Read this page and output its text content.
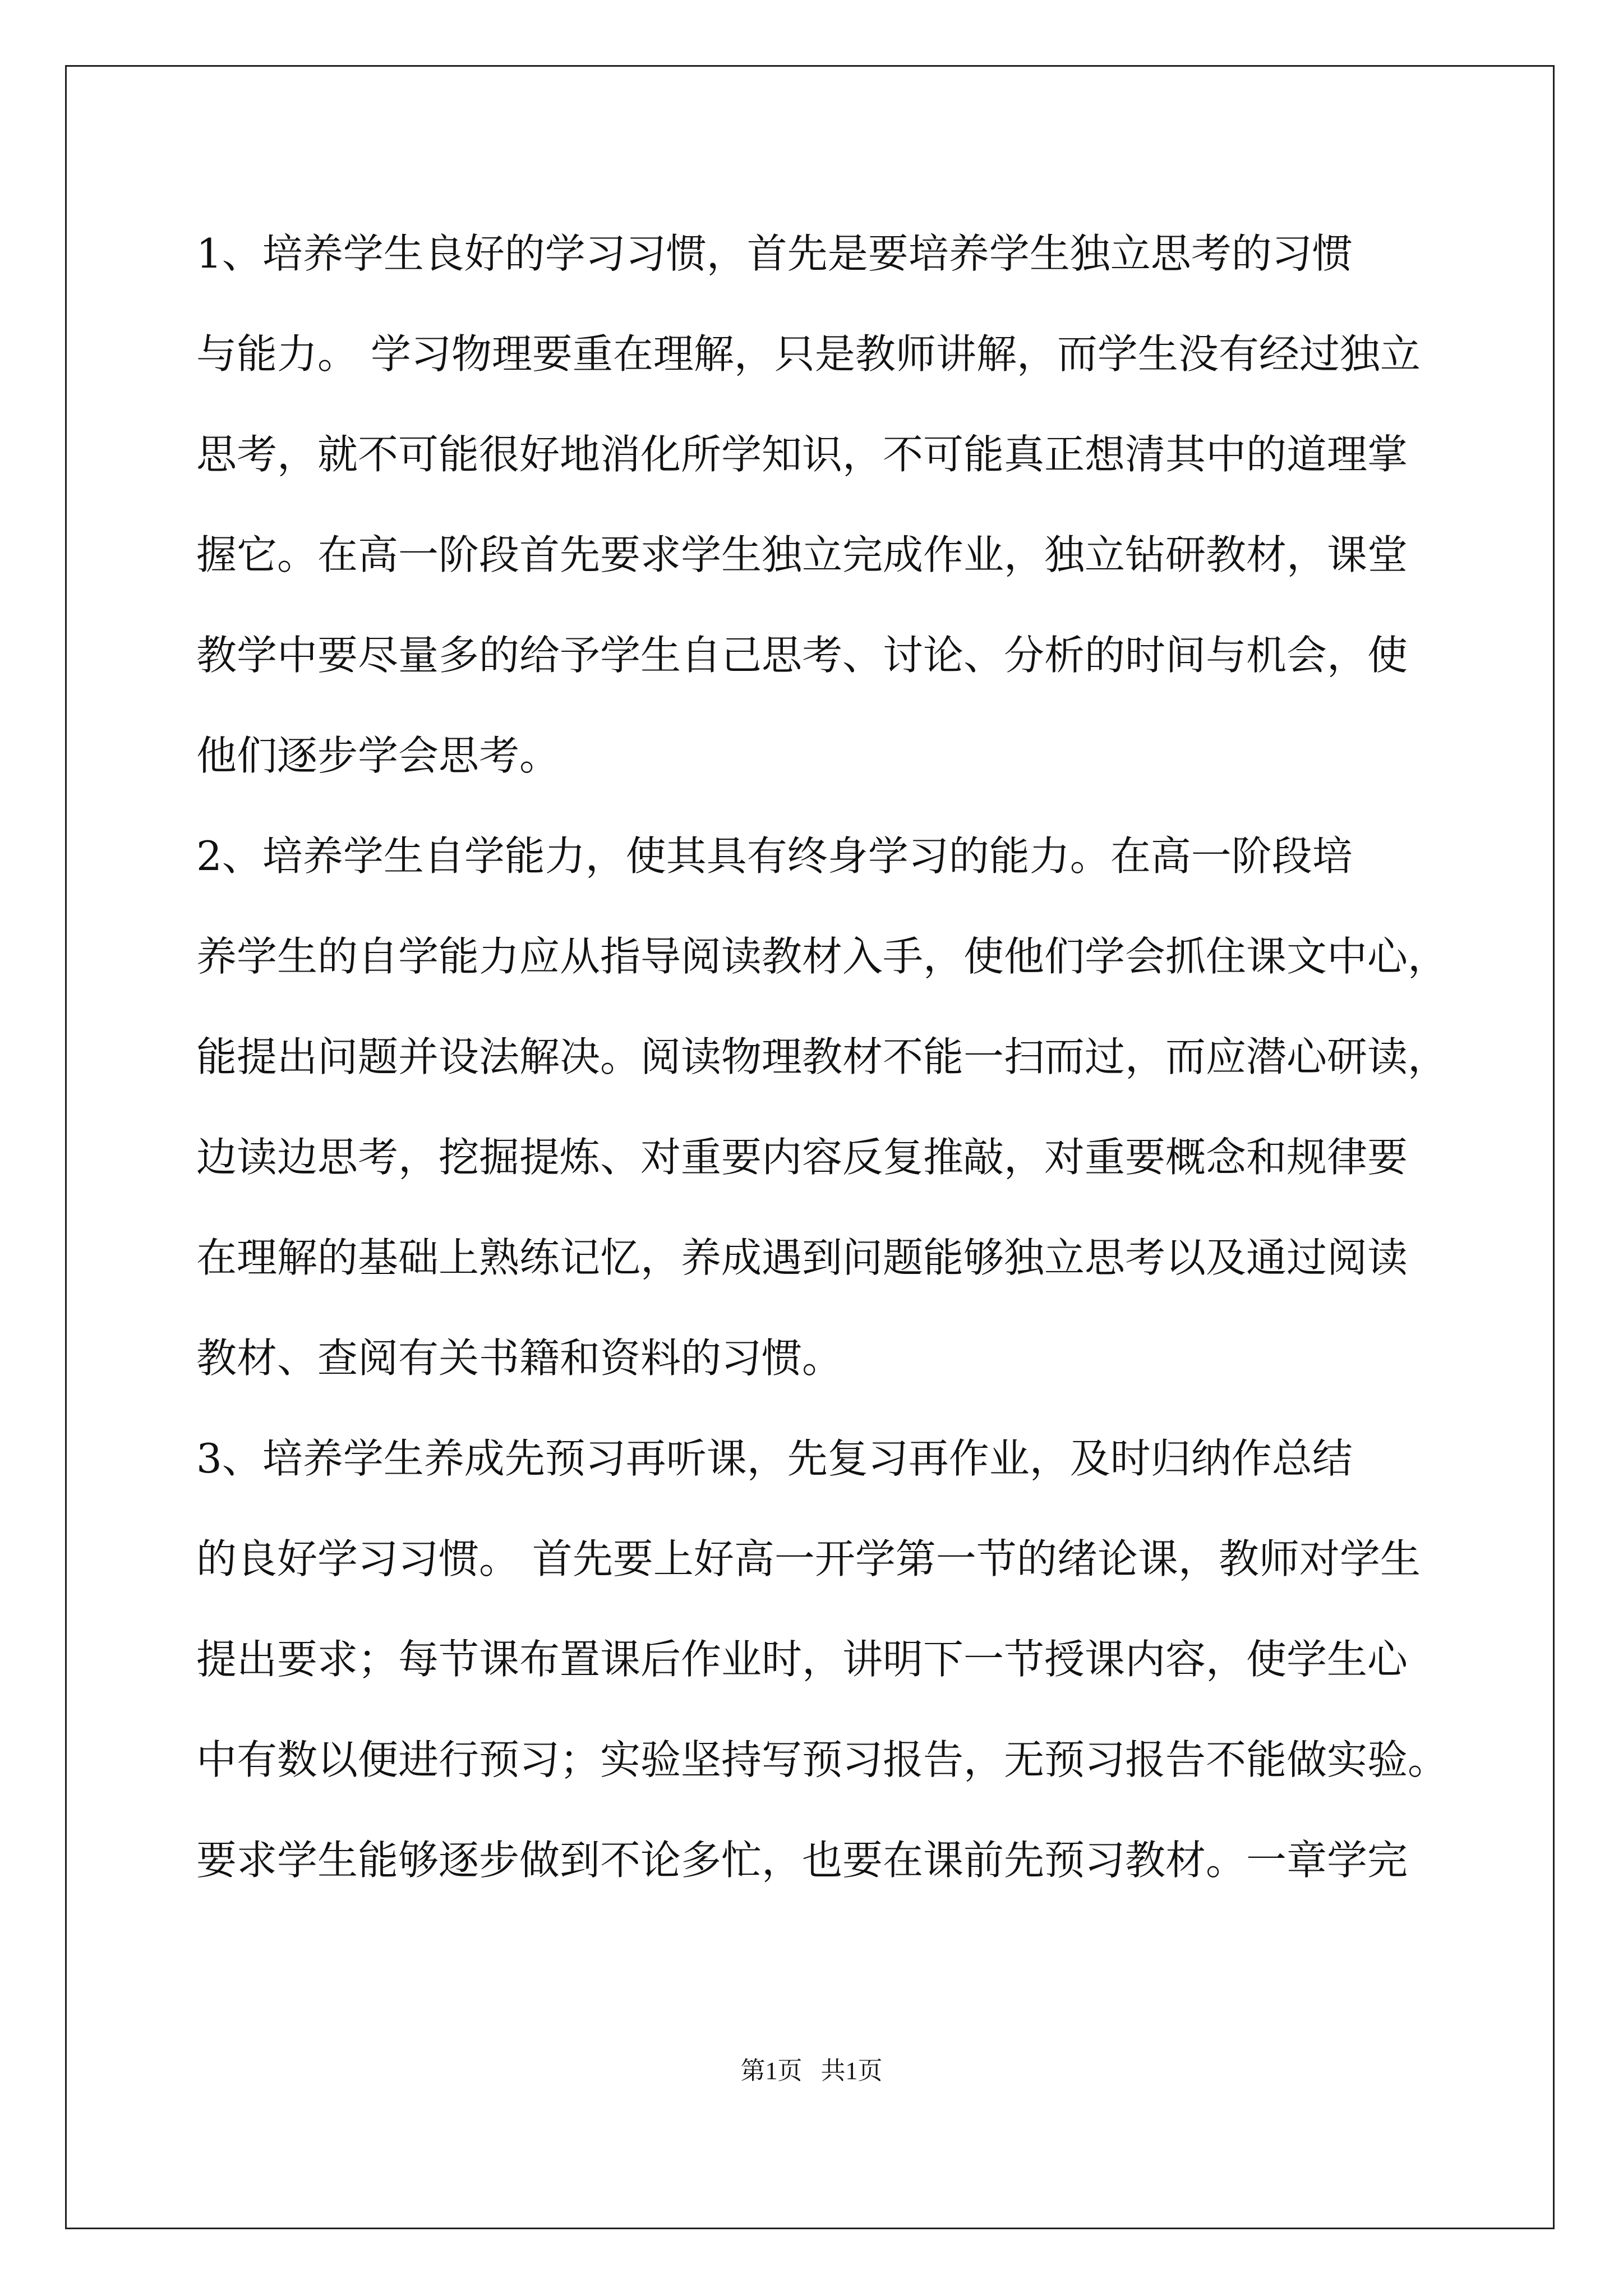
1、培养学生良好的学习习惯，首先是要培养学生独立思考的习惯
与能力。 学习物理要重在理解，只是教师讲解，而学生没有经过独立
思考，就不可能很好地消化所学知识，不可能真正想清其中的道理掌
握它。在高一阶段首先要求学生独立完成作业，独立钻研教材，课堂
教学中要尽量多的给予学生自己思考、讨论、分析的时间与机会，使
他们逐步学会思考。
2、培养学生自学能力，使其具有终身学习的能力。在高一阶段培
养学生的自学能力应从指导阅读教材入手，使他们学会抓住课文中心，
能提出问题并设法解决。阅读物理教材不能一扫而过，而应潜心研读，
边读边思考，挖掘提炼、对重要内容反复推敲，对重要概念和规律要
在理解的基础上熟练记忆，养成遇到问题能够独立思考以及通过阅读
教材、查阅有关书籍和资料的习惯。
3、培养学生养成先预习再听课，先复习再作业，及时归纳作总结
的良好学习习惯。 首先要上好高一开学第一节的绪论课，教师对学生
提出要求；每节课布置课后作业时，讲明下一节授课内容，使学生心
中有数以便进行预习；实验坚持写预习报告，无预习报告不能做实验。
要求学生能够逐步做到不论多忙，也要在课前先预习教材。一章学完
第1页   共1页
